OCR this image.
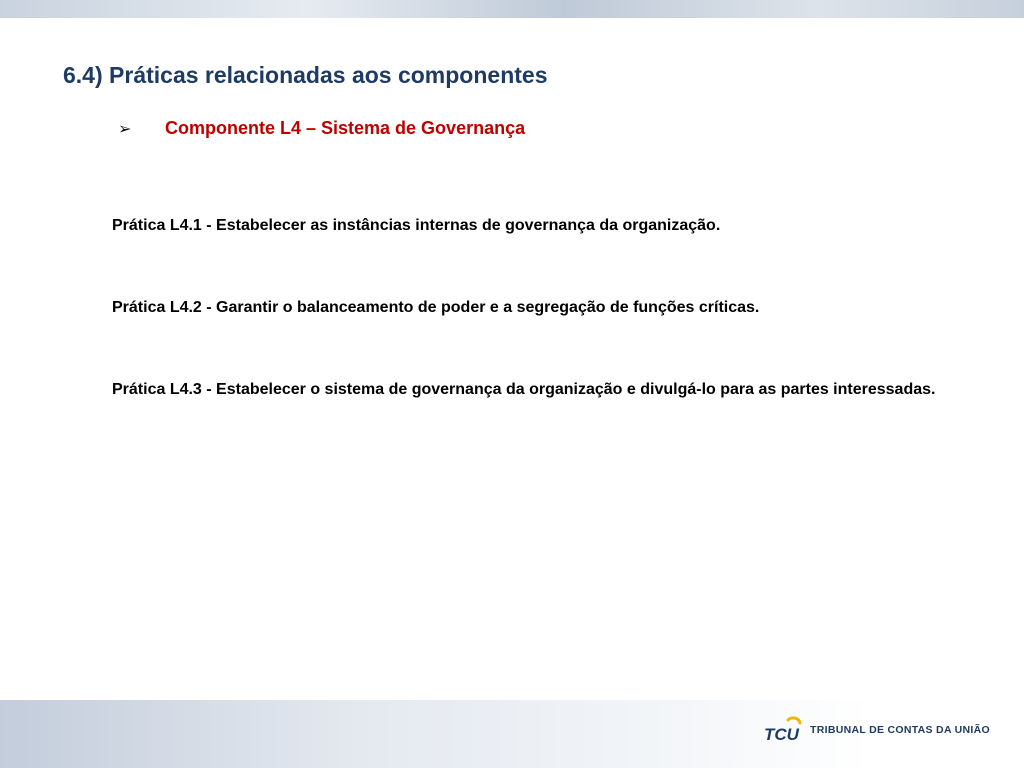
6.4) Práticas relacionadas aos componentes
➢ Componente L4 – Sistema de Governança

Prática L4.1 - Estabelecer as instâncias internas de governança da organização.

Prática L4.2 - Garantir o balanceamento de poder e a segregação de funções críticas.

Prática L4.3 - Estabelecer o sistema de governança da organização e divulgá-lo para as partes interessadas.

TCU TRIBUNAL DE CONTAS DA UNIÃO
